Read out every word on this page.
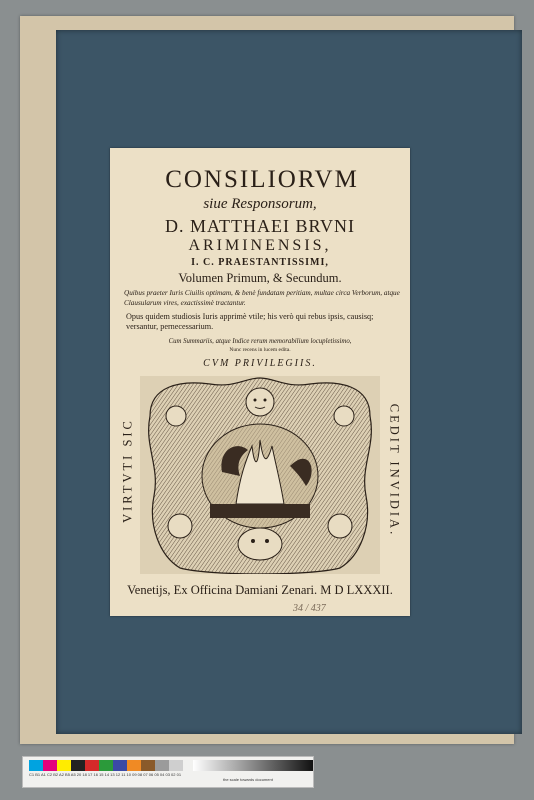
CONSILIORVM
siue Responsorum,
D. MATTHAEI BRVNI
ARIMINENSIS,
I. C. PRAESTANTISSIMI,
Volumen Primum, & Secundum.
Quibus praeter Iuris Ciuilis optimam, & benè fundatam peritiam, multae circa Verborum, atque Clausularum vires, exactissimè tractantur.
Opus quidem studiosis Iuris apprimè vtile; his verò qui rebus ipsis, causisq; versantur, pernecessarium.
Cum Summariis, atque Indice rerum memorabilium locupletissimo,
Nunc recens in lucem edita.
CVM PRIVILEGIIS.
VIRTVTI SIC	CEDIT INVIDIA.
Venetijs, Ex Officina Damiani Zenari. M D LXXXII.
34 / 437
C1 B1 A1 C2 B2 A2 B5 A5 20 18 17 16 15 14 13 12 11 10 09 08 07 06 05 04 03 02 01
the scale towards document
